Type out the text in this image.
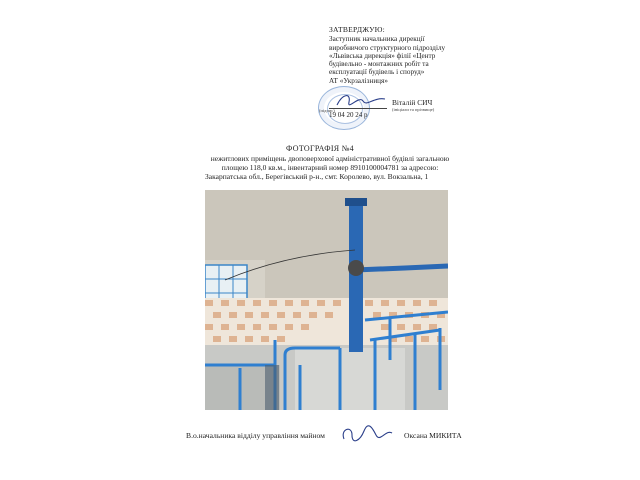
ЗАТВЕРДЖУЮ:
Заступник начальника дирекції
виробничого структурного підрозділу
«Львівська дирекція» філії «Центр
будівельно - монтажних робіт та
експлуатації будівель і споруд»
АТ «Укрзалізниця»
(підпис)
Віталій СИЧ
(ініціали та прізвище)
19 04 20 24 р
ФОТОГРАФІЯ №4
нежитлових приміщень двоповерхової адміністративної будівлі загальною
площею 118,0 кв.м., інвентарний номер 8910100004781 за адресою:
Закарпатська обл., Берегівський р-н., смт. Королево, вул. Вокзальна, 1
В.о.начальника відділу управління майном	Оксана МИКИТА
